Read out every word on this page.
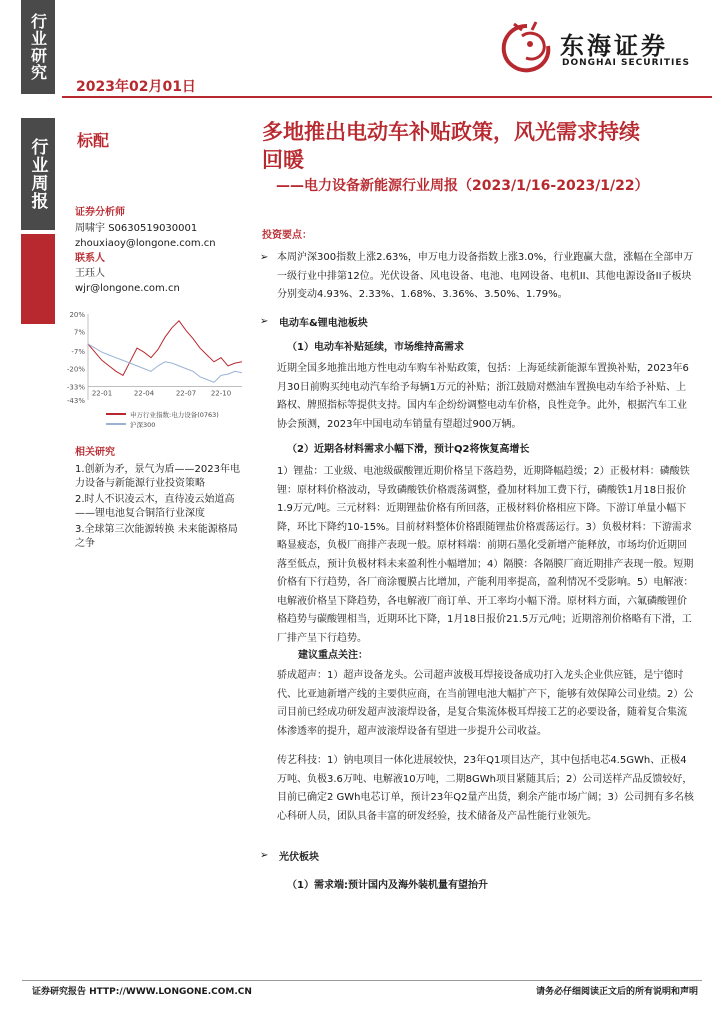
行业研究
2023年02月01日
东海证券
DONGHAI SECURITIES
行业周报
电力设备
标配	多地推出电动车补贴政策，风光需求持续
回暖
——电力设备新能源行业周报（2023/1/16-2023/1/22）
证券分析师
周啸宇 S0630519030001
zhouxiaoy@longone.com.cn
联系人
王珏人
wjr@longone.com.cn
20%
7%
-7%
-20%
-33%
-43%
22-01	22-04	22-07 22-10
申万行业指数:电力设备(0763)
沪深300
相关研究
1.创新为矛，景气为盾——2023年电力设备与新能源行业投资策略
2.时人不识凌云木，直待凌云始道高——锂电池复合铜箔行业深度
3.全球第三次能源转换 未来能源格局之争
投资要点：
➢ 本周沪深300指数上涨2.63%，申万电力设备指数上涨3.0%，行业跑赢大盘，涨幅在全部申万一级行业中排第12位。光伏设备、风电设备、电池、电网设备、电机II、其他电源设备II子板块分别变动4.93%、2.33%、1.68%、3.36%、3.50%、1.79%。
➢ 电动车&锂电池板块
（1）电动车补贴延续，市场维持高需求
近期全国多地推出地方性电动车购车补贴政策，包括：上海延续新能源车置换补贴，2023年6月30日前购买纯电动汽车给予每辆1万元的补贴；浙江鼓励对燃油车置换电动车给予补贴、上路权、牌照指标等提供支持。国内车企纷纷调整电动车价格，良性竞争。此外，根据汽车工业协会预测，2023年中国电动车销量有望超过900万辆。
（2）近期各材料需求小幅下滑，预计Q2将恢复高增长
1）锂盐：工业级、电池级碳酸锂近期价格呈下落趋势，近期降幅趋缓；2）正极材料：磷酸铁锂：原材料价格波动，导致磷酸铁价格震荡调整，叠加材料加工费下行，磷酸铁1月18日报价1.9万元/吨。三元材料：近期锂盐价格有所回落，正极材料价格相应下降。下游订单量小幅下降，环比下降约10-15%。目前材料整体价格跟随锂盐价格震荡运行。3）负极材料：下游需求略显疲态，负极厂商排产表现一般。原材料端：前期石墨化受新增产能释放，市场均价近期回落至低点，预计负极材料未来盈利性小幅增加；4）隔膜：各隔膜厂商近期排产表现一般。短期价格有下行趋势，各厂商涂覆膜占比增加，产能利用率提高，盈利情况不受影响。5）电解液：电解液价格呈下降趋势，各电解液厂商订单、开工率均小幅下滑。原材料方面，六氟磷酸锂价格趋势与碳酸锂相当，近期环比下降，1月18日报价21.5万元/吨；近期溶剂价格略有下滑，工厂排产呈下行趋势。
建议重点关注：
骄成超声：1）超声设备龙头。公司超声波极耳焊接设备成功打入龙头企业供应链，是宁德时代、比亚迪新增产线的主要供应商，在当前锂电池大幅扩产下，能够有效保障公司业绩。2）公司目前已经成功研发超声波滚焊设备，是复合集流体极耳焊接工艺的必要设备，随着复合集流体渗透率的提升，超声波滚焊设备有望进一步提升公司收益。
传艺科技：1）钠电项目一体化进展较快，23年Q1项目达产，其中包括电芯4.5GWh、正极4万吨、负极3.6万吨、电解液10万吨，二期8GWh项目紧随其后；2）公司送样产品反馈较好，目前已确定2 GWh电芯订单，预计23年Q2量产出货，剩余产能市场广阔；3）公司拥有多名核心科研人员，团队具备丰富的研发经验，技术储备及产品性能行业领先。
➢ 光伏板块
（1）需求端:预计国内及海外装机量有望抬升
证券研究报告 HTTP://WWW.LONGONE.COM.CN	请务必仔细阅读正文后的所有说明和声明
